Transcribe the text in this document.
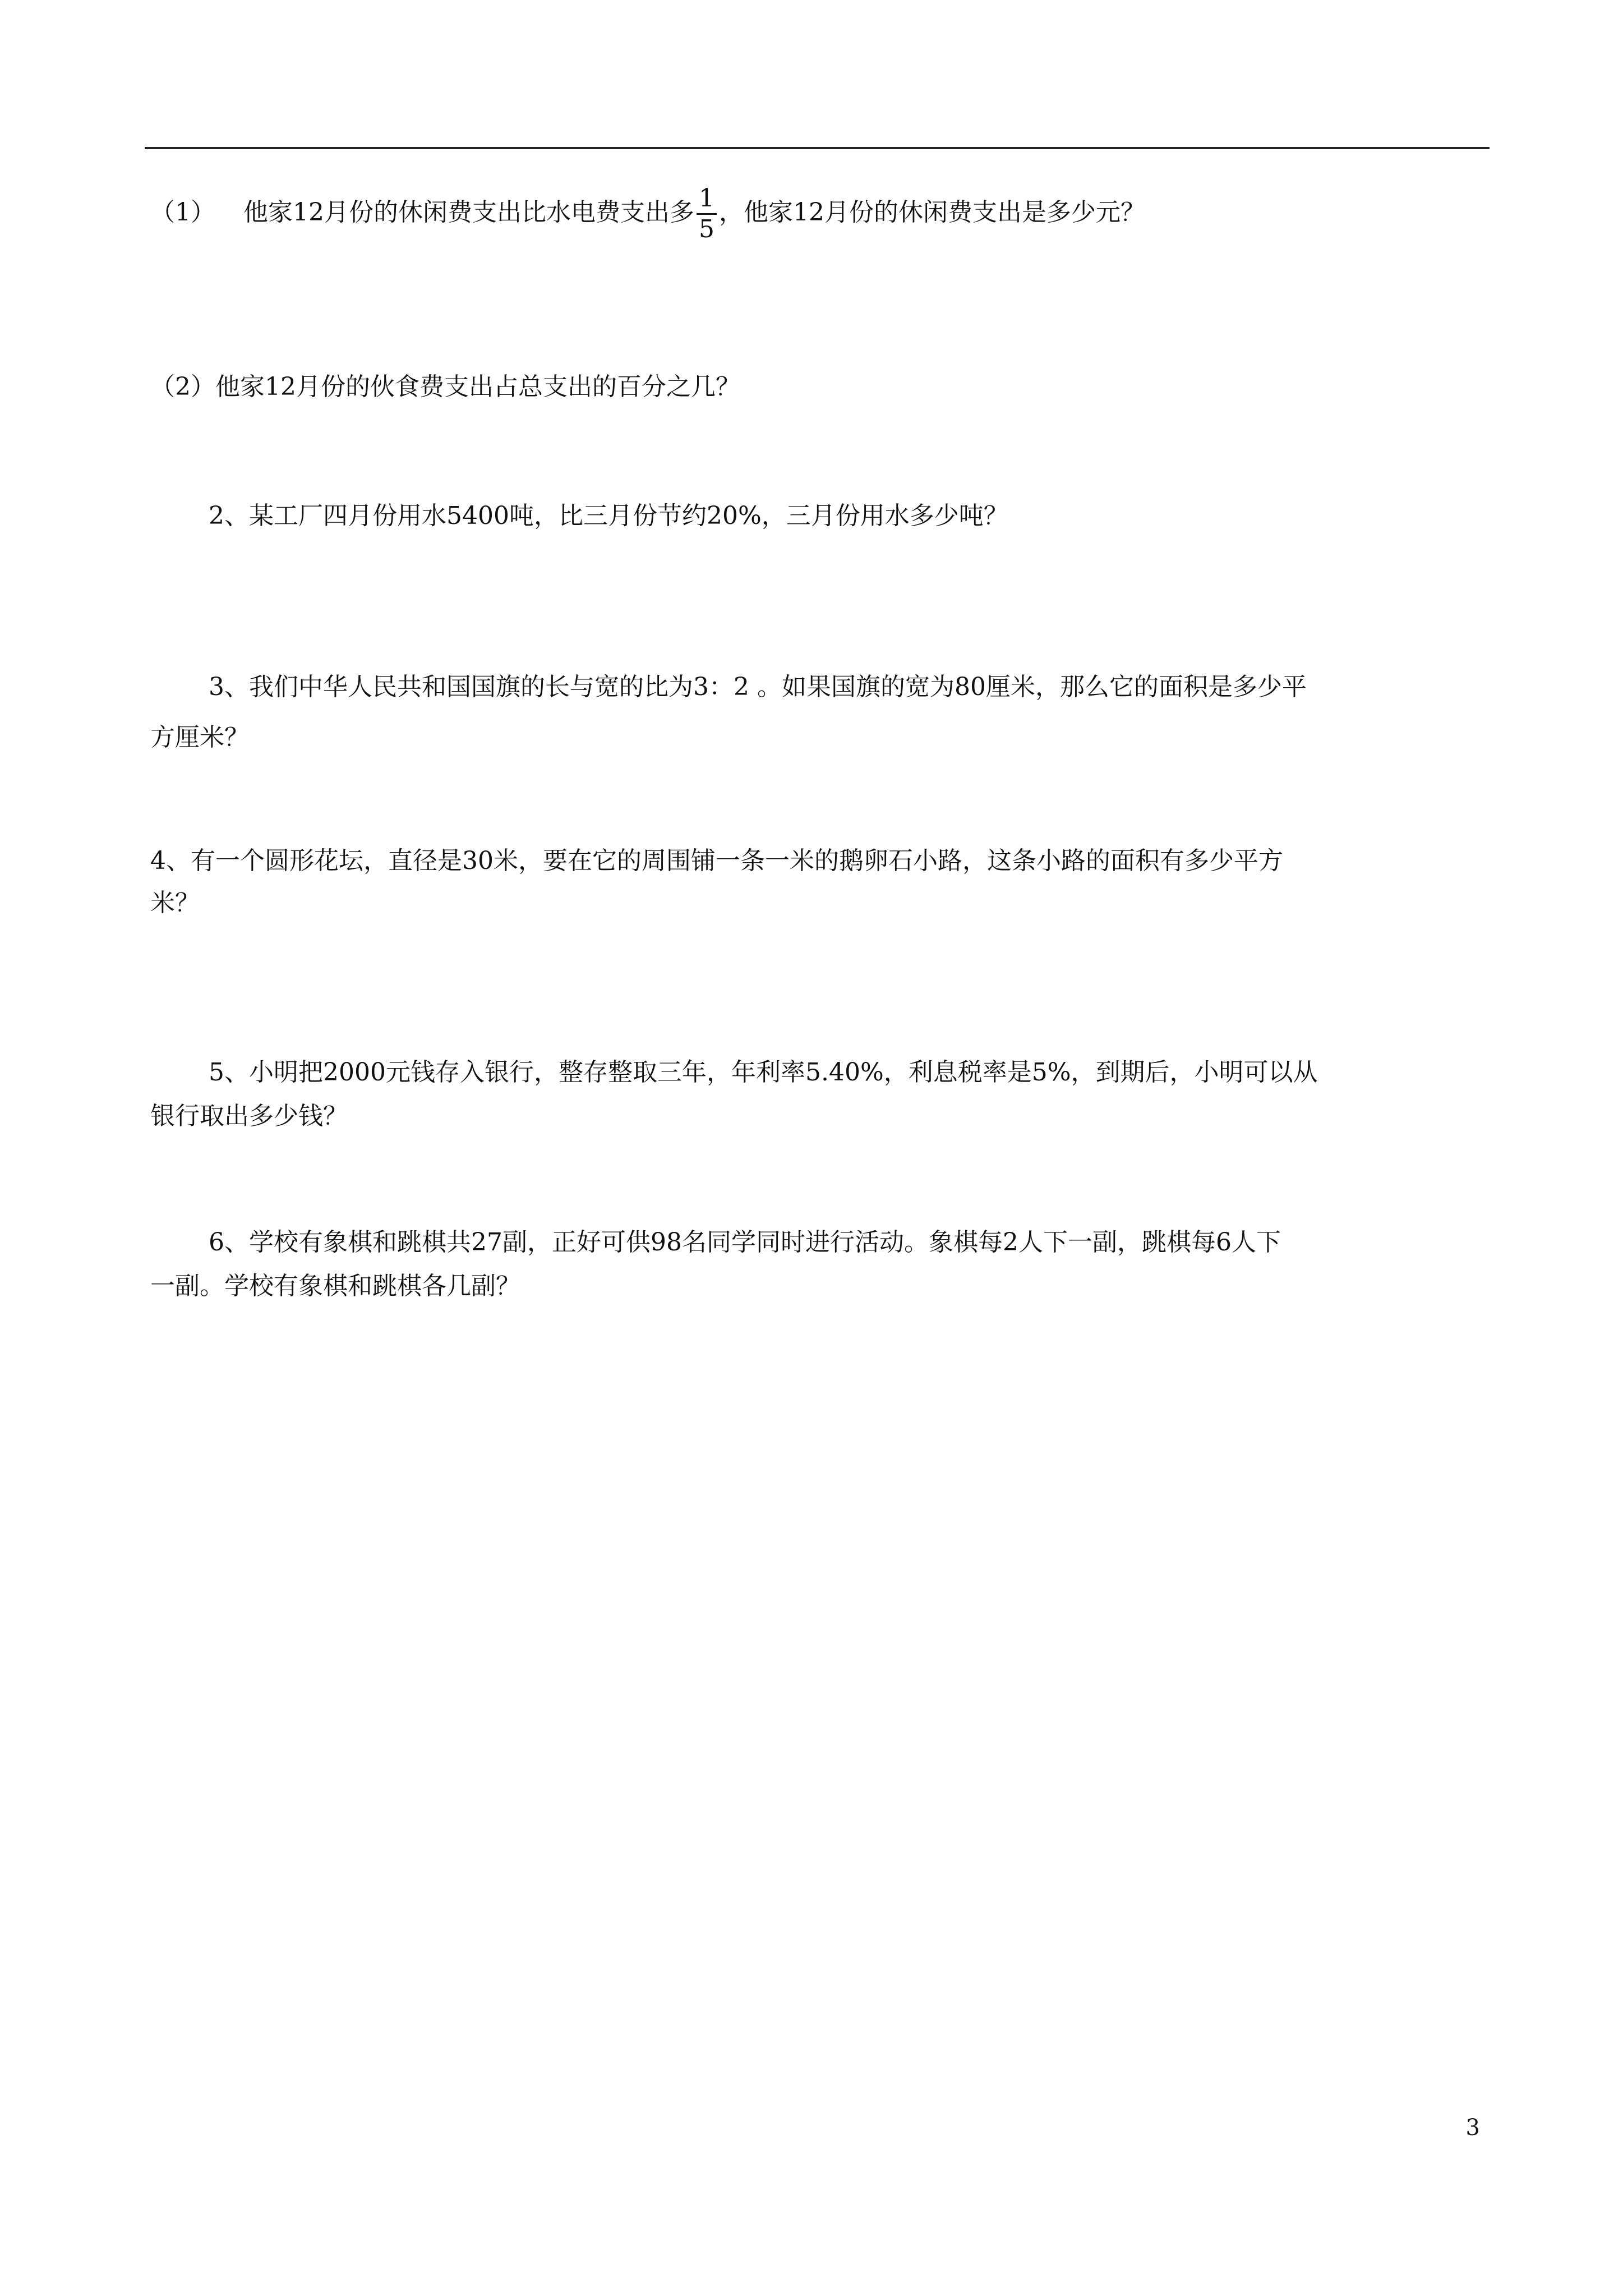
（1） 他家12月份的休闲费支出比水电费支出多 $\frac{1}{5}$ ，他家12月份的休闲费支出是多少元？
（2）他家12月份的伙食费支出占总支出的百分之几？
2、某工厂四月份用水5400吨，比三月份节约20%，三月份用水多少吨？
3、我们中华人民共和国国旗的长与宽的比为3：2 。如果国旗的宽为80厘米，那么它的面积是多少平
方厘米？
4、有一个圆形花坛，直径是30米，要在它的周围铺一条一米的鹅卵石小路，这条小路的面积有多少平方
米？
5、小明把2000元钱存入银行，整存整取三年，年利率5.40%，利息税率是5%，到期后，小明可以从
银行取出多少钱？
6、学校有象棋和跳棋共27副，正好可供98名同学同时进行活动。象棋每2人下一副，跳棋每6人下
一副。学校有象棋和跳棋各几副？
3
